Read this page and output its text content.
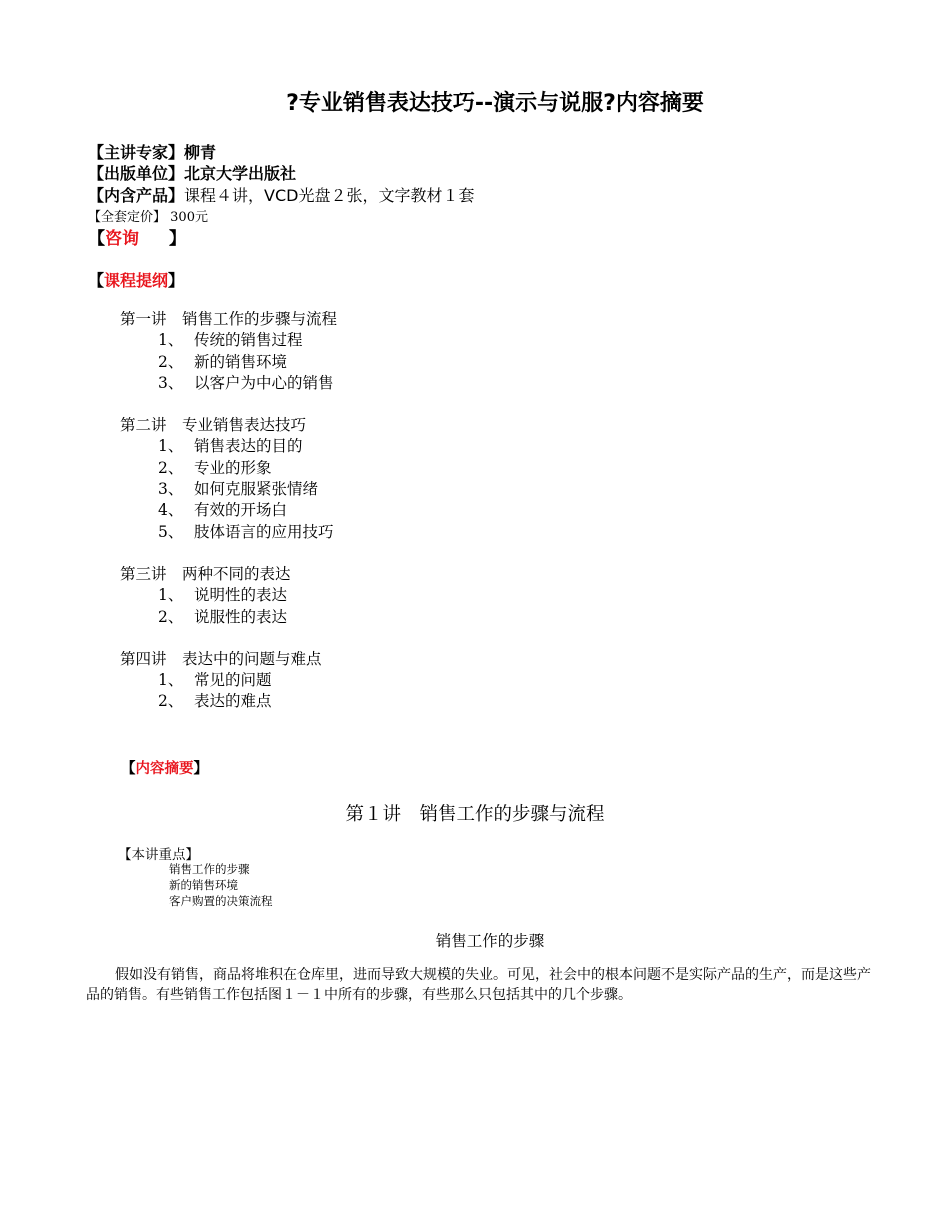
?专业销售表达技巧--演示与说服?内容摘要
【主讲专家】柳青
【出版单位】北京大学出版社
【内含产品】课程４讲，VCD光盘２张，文字教材１套
【全套定价】 300元
【咨询 】
【课程提纲】
第一讲　销售工作的步骤与流程
1、 传统的销售过程
2、 新的销售环境
3、 以客户为中心的销售
第二讲　专业销售表达技巧
1、 销售表达的目的
2、 专业的形象
3、 如何克服紧张情绪
4、 有效的开场白
5、 肢体语言的应用技巧
第三讲　两种不同的表达
1、 说明性的表达
2、 说服性的表达
第四讲　表达中的问题与难点
1、 常见的问题
2、 表达的难点
【内容摘要】
第１讲　销售工作的步骤与流程
【本讲重点】
销售工作的步骤
新的销售环境
客户购置的决策流程
销售工作的步骤
假如没有销售，商品将堆积在仓库里，进而导致大规模的失业。可见，社会中的根本问题不是实际产品的生产，而是这些产品的销售。有些销售工作包括图１－１中所有的步骤，有些那么只包括其中的几个步骤。
